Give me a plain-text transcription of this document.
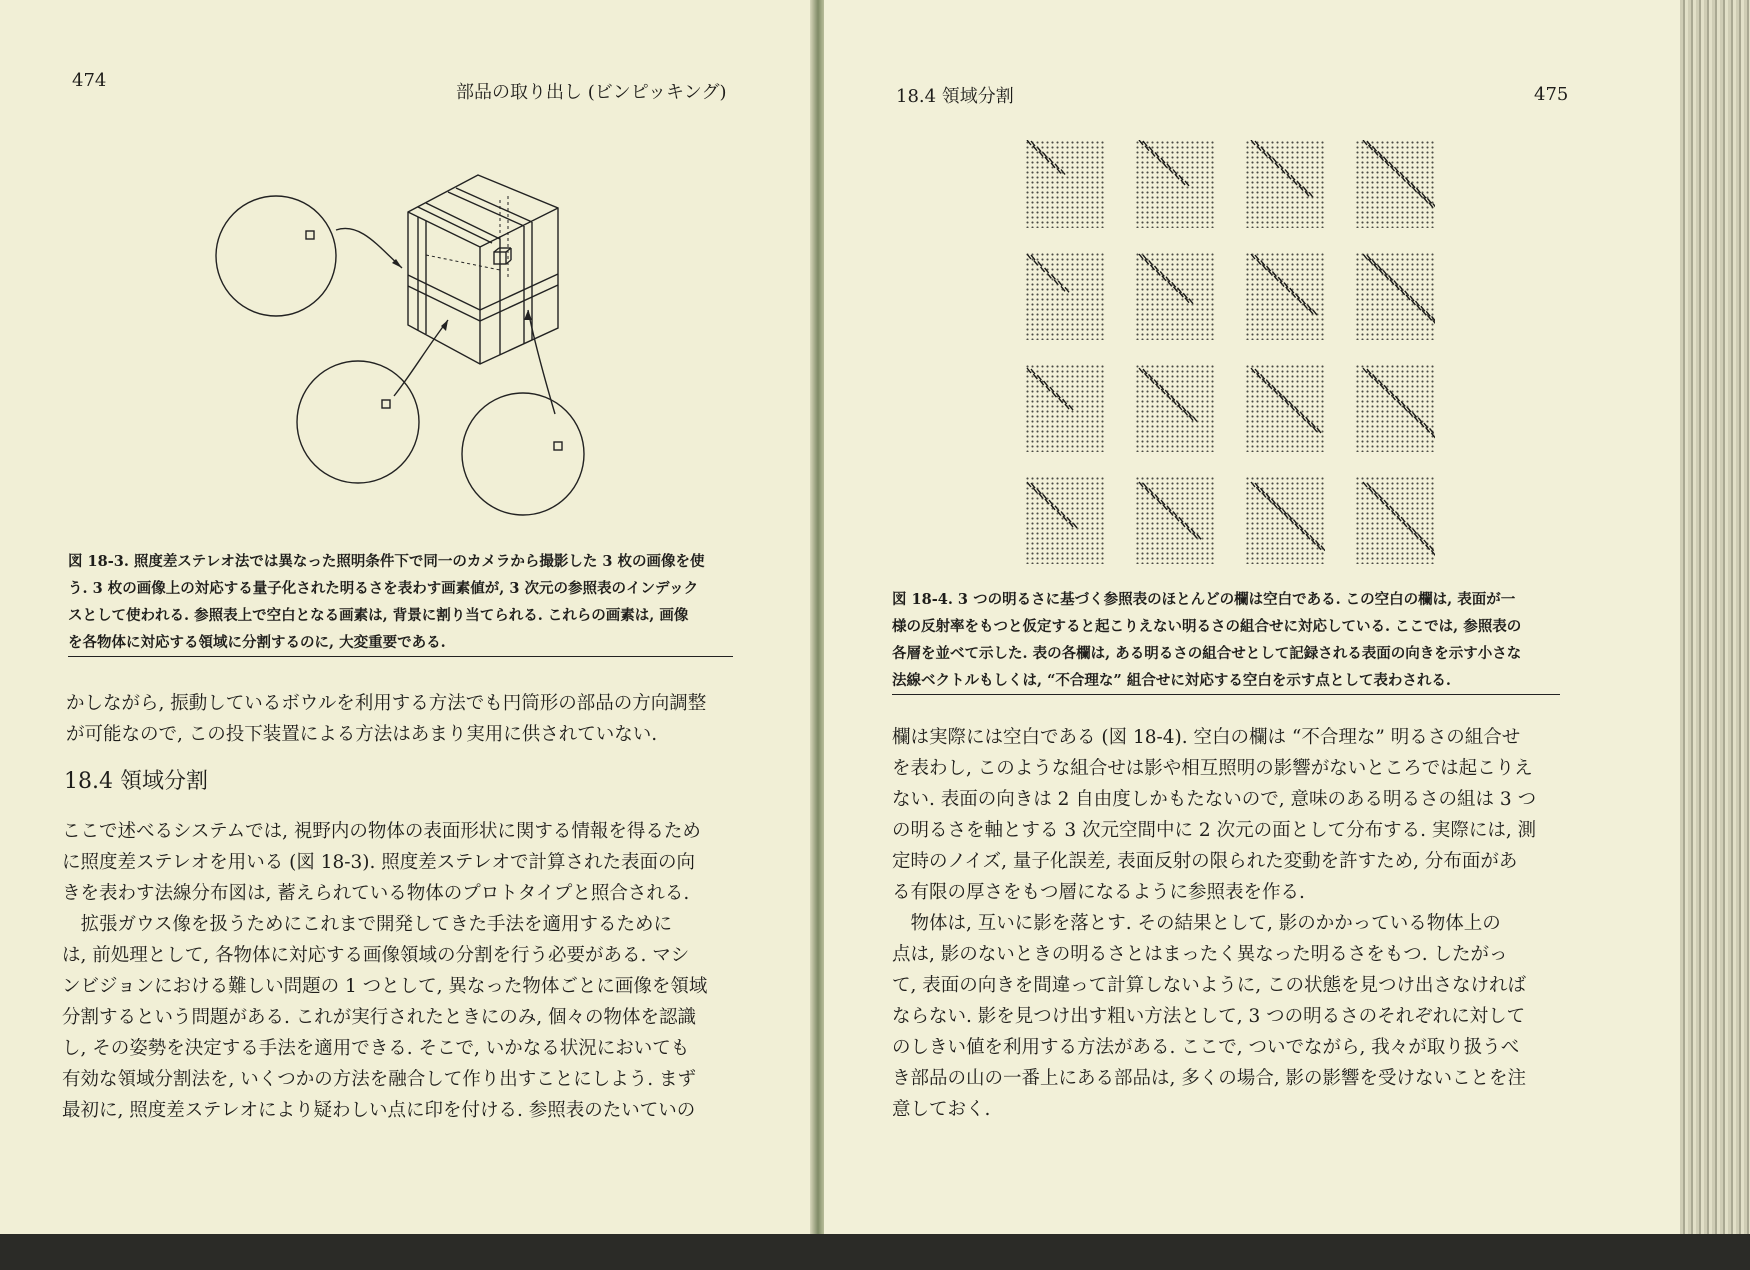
474
部品の取り出し (ビンピッキング)
図 18-3. 照度差ステレオ法では異なった照明条件下で同一のカメラから撮影した 3 枚の画像を使
う. 3 枚の画像上の対応する量子化された明るさを表わす画素値が, 3 次元の参照表のインデック
スとして使われる. 参照表上で空白となる画素は, 背景に割り当てられる. これらの画素は, 画像
を各物体に対応する領域に分割するのに, 大変重要である.
かしながら, 振動しているボウルを利用する方法でも円筒形の部品の方向調整
が可能なので, この投下装置による方法はあまり実用に供されていない.
18.4 領域分割
ここで述べるシステムでは, 視野内の物体の表面形状に関する情報を得るため
に照度差ステレオを用いる (図 18-3). 照度差ステレオで計算された表面の向
きを表わす法線分布図は, 蓄えられている物体のプロトタイプと照合される.
　拡張ガウス像を扱うためにこれまで開発してきた手法を適用するために
は, 前処理として, 各物体に対応する画像領域の分割を行う必要がある. マシ
ンビジョンにおける難しい問題の 1 つとして, 異なった物体ごとに画像を領域
分割するという問題がある. これが実行されたときにのみ, 個々の物体を認識
し, その姿勢を決定する手法を適用できる. そこで, いかなる状況においても
有効な領域分割法を, いくつかの方法を融合して作り出すことにしよう. まず
最初に, 照度差ステレオにより疑わしい点に印を付ける. 参照表のたいていの
18.4 領域分割	475
図 18-4. 3 つの明るさに基づく参照表のほとんどの欄は空白である. この空白の欄は, 表面が一
様の反射率をもつと仮定すると起こりえない明るさの組合せに対応している. ここでは, 参照表の
各層を並べて示した. 表の各欄は, ある明るさの組合せとして記録される表面の向きを示す小さな
法線ベクトルもしくは, “不合理な” 組合せに対応する空白を示す点として表わされる.
欄は実際には空白である (図 18-4). 空白の欄は “不合理な” 明るさの組合せ
を表わし, このような組合せは影や相互照明の影響がないところでは起こりえ
ない. 表面の向きは 2 自由度しかもたないので, 意味のある明るさの組は 3 つ
の明るさを軸とする 3 次元空間中に 2 次元の面として分布する. 実際には, 測
定時のノイズ, 量子化誤差, 表面反射の限られた変動を許すため, 分布面があ
る有限の厚さをもつ層になるように参照表を作る.
　物体は, 互いに影を落とす. その結果として, 影のかかっている物体上の
点は, 影のないときの明るさとはまったく異なった明るさをもつ. したがっ
て, 表面の向きを間違って計算しないように, この状態を見つけ出さなければ
ならない. 影を見つけ出す粗い方法として, 3 つの明るさのそれぞれに対して
のしきい値を利用する方法がある. ここで, ついでながら, 我々が取り扱うべ
き部品の山の一番上にある部品は, 多くの場合, 影の影響を受けないことを注
意しておく.
